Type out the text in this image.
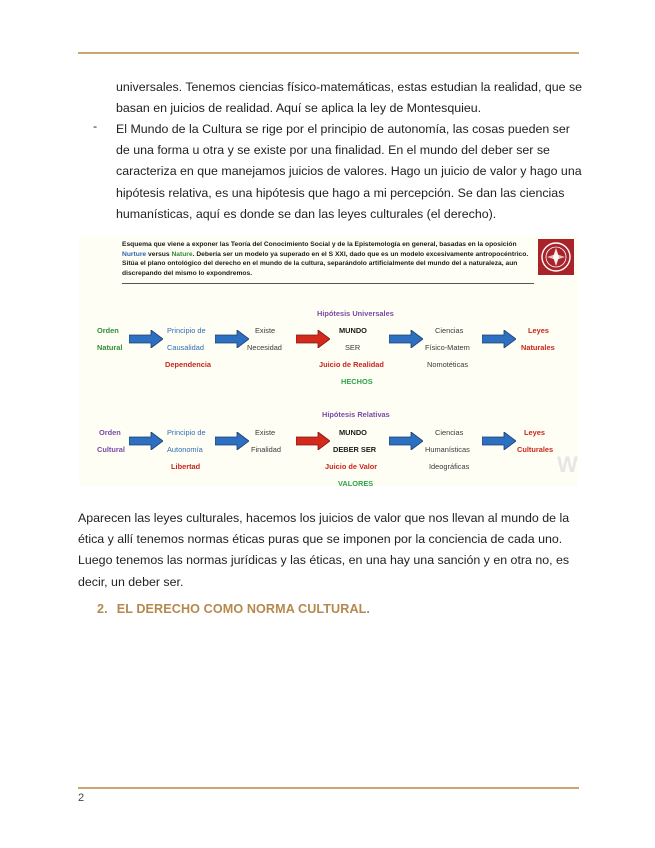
universales. Tenemos ciencias físico-matemáticas, estas estudian la realidad, que se basan en juicios de realidad. Aquí se aplica la ley de Montesquieu.
- El Mundo de la Cultura se rige por el principio de autonomía, las cosas pueden ser de una forma u otra y se existe por una finalidad. En el mundo del deber ser se caracteriza en que manejamos juicios de valores. Hago un juicio de valor y hago una hipótesis relativa, es una hipótesis que hago a mi percepción. Se dan las ciencias humanísticas, aquí es donde se dan las leyes culturales (el derecho).
Esquema que viene a exponer las Teoría del Conocimiento Social y de la Epistemología en general, basadas en la oposición Nurture versus Nature. Debería ser un modelo ya superado en el S XXI, dado que es un modelo excesivamente antropocéntrico. Sitúa el plano ontológico del derecho en el mundo de la cultura, separándolo artificialmente del mundo del a naturaleza, aun discrepando del mismo lo expondremos.
Hipótesis Universales
Orden
Natural
Principio de
Causalidad
Dependencia
Existe
Necesidad
MUNDO
SER
Juicio de Realidad
HECHOS
Ciencias
Físico-Matem
Nomotéticas
Leyes
Naturales
Hipótesis Relativas
Orden
Cultural
Principio de
Autonomía
Libertad
Existe
Finalidad
MUNDO
DEBER SER
Juicio de Valor
VALORES
Ciencias
Humanísticas
Ideográficas
Leyes
Culturales
W
Aparecen las leyes culturales, hacemos los juicios de valor que nos llevan al mundo de la ética y allí tenemos normas éticas puras que se imponen por la conciencia de cada uno. Luego tenemos las normas jurídicas y las éticas, en una hay una sanción y en otra no, es decir, un deber ser.
2. EL DERECHO COMO NORMA CULTURAL.
2
